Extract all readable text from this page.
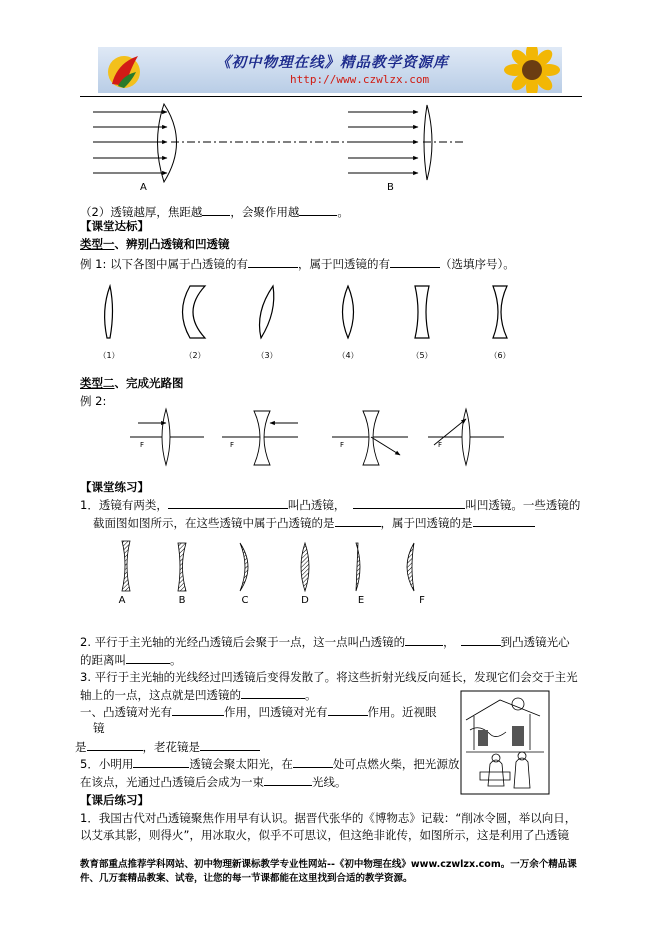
《初中物理在线》精品教学资源库
http://www.czwlzx.com
A	B
（2）透镜越厚，焦距越 ，会聚作用越	。
【课堂达标】
类型一、辨别凸透镜和凹透镜
例 1: 以下各图中属于凸透镜的有	，属于凹透镜的有	（选填序号）。
（1）	（2）	（3）	（4）	（5）	（6）
类型二、完成光路图
例 2:
F	F	F	F
【课堂练习】
1．透镜有两类，	叫凸透镜，	叫凹透镜。一些透镜的
截面图如图所示，在这些透镜中属于凸透镜的是	，属于凹透镜的是
A	B	C	D	E	F
2. 平行于主光轴的光经凸透镜后会聚于一点，这一点叫凸透镜的	，	到凸透镜光心
的距离叫	。
3. 平行于主光轴的光线经过凹透镜后变得发散了。将这些折射光线反向延长，发现它们会交于主光
轴上的一点，这点就是凹透镜的	。
一、凸透镜对光有	作用，凹透镜对光有	作用。近视眼
镜
是	，老花镜是
5．小明用	透镜会聚太阳光，在	处可点燃火柴，把光源放
在该点，光通过凸透镜后会成为一束	光线。
【课后练习】
1．我国古代对凸透镜聚焦作用早有认识。据晋代张华的《博物志》记载：“削冰令圆，举以向日，
以艾承其影，则得火”，用冰取火，似乎不可思议，但这绝非讹传，如图所示，这是利用了凸透镜
教育部重点推荐学科网站、初中物理新课标教学专业性网站--《初中物理在线》www.czwlzx.com。一万余个精品课
件、几万套精品教案、试卷，让您的每一节课都能在这里找到合适的教学资源。
